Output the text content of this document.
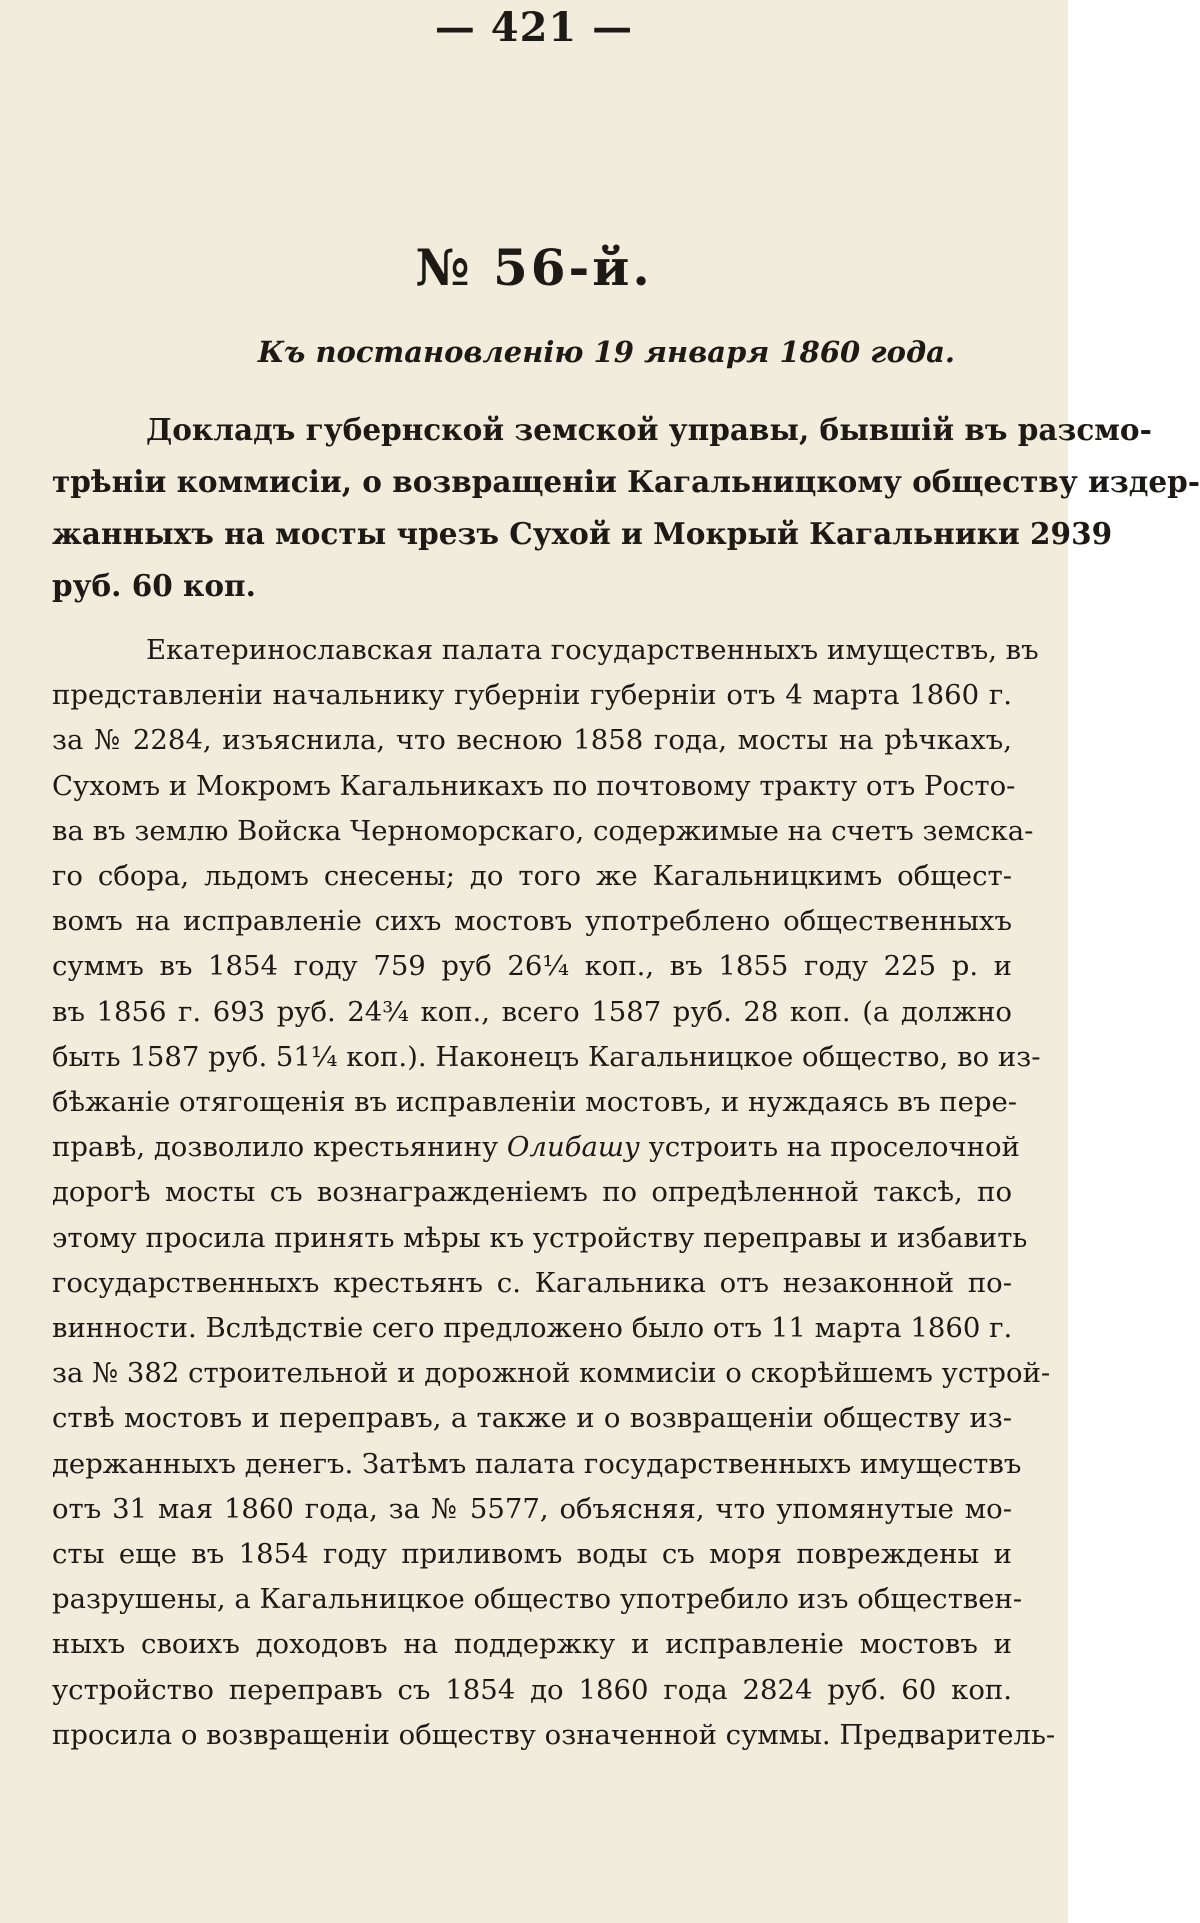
— 421 —
№ 56-й.
Къ постановленію 19 января 1860 года.
Докладъ губернской земской управы, бывшій въ разсмо-
трѣніи коммисіи, о возвращеніи Кагальницкому обществу издер-
жанныхъ на мосты чрезъ Сухой и Мокрый Кагальники 2939
руб. 60 коп.
Екатеринославская палата государственныхъ имуществъ, въ
представленіи начальнику губерніи губерніи отъ 4 марта 1860 г.
за № 2284, изъяснила, что весною 1858 года, мосты на рѣчкахъ,
Сухомъ и Мокромъ Кагальникахъ по почтовому тракту отъ Росто-
ва въ землю Войска Черноморскаго, содержимые на счетъ земска-
го сбора, льдомъ снесены; до того же Кагальницкимъ общест-
вомъ на исправленіе сихъ мостовъ употреблено общественныхъ
суммъ въ 1854 году 759 руб 26¼ коп., въ 1855 году 225 р. и
въ 1856 г. 693 руб. 24¾ коп., всего 1587 руб. 28 коп. (а должно
быть 1587 руб. 51¼ коп.). Наконецъ Кагальницкое общество, во из-
бѣжаніе отягощенія въ исправленіи мостовъ, и нуждаясь въ пере-
правѣ, дозволило крестьянину Олибашу устроить на проселочной
дорогѣ мосты съ вознагражденіемъ по опредѣленной таксѣ, по
этому просила принять мѣры къ устройству переправы и избавить
государственныхъ крестьянъ с. Кагальника отъ незаконной по-
винности. Вслѣдствіе сего предложено было отъ 11 марта 1860 г.
за № 382 строительной и дорожной коммисіи о скорѣйшемъ устрой-
ствѣ мостовъ и переправъ, а также и о возвращеніи обществу из-
держанныхъ денегъ. Затѣмъ палата государственныхъ имуществъ
отъ 31 мая 1860 года, за № 5577, объясняя, что упомянутые мо-
сты еще въ 1854 году приливомъ воды съ моря повреждены и
разрушены, а Кагальницкое общество употребило изъ обществен-
ныхъ своихъ доходовъ на поддержку и исправленіе мостовъ и
устройство переправъ съ 1854 до 1860 года 2824 руб. 60 коп.
просила о возвращеніи обществу означенной суммы. Предваритель-
